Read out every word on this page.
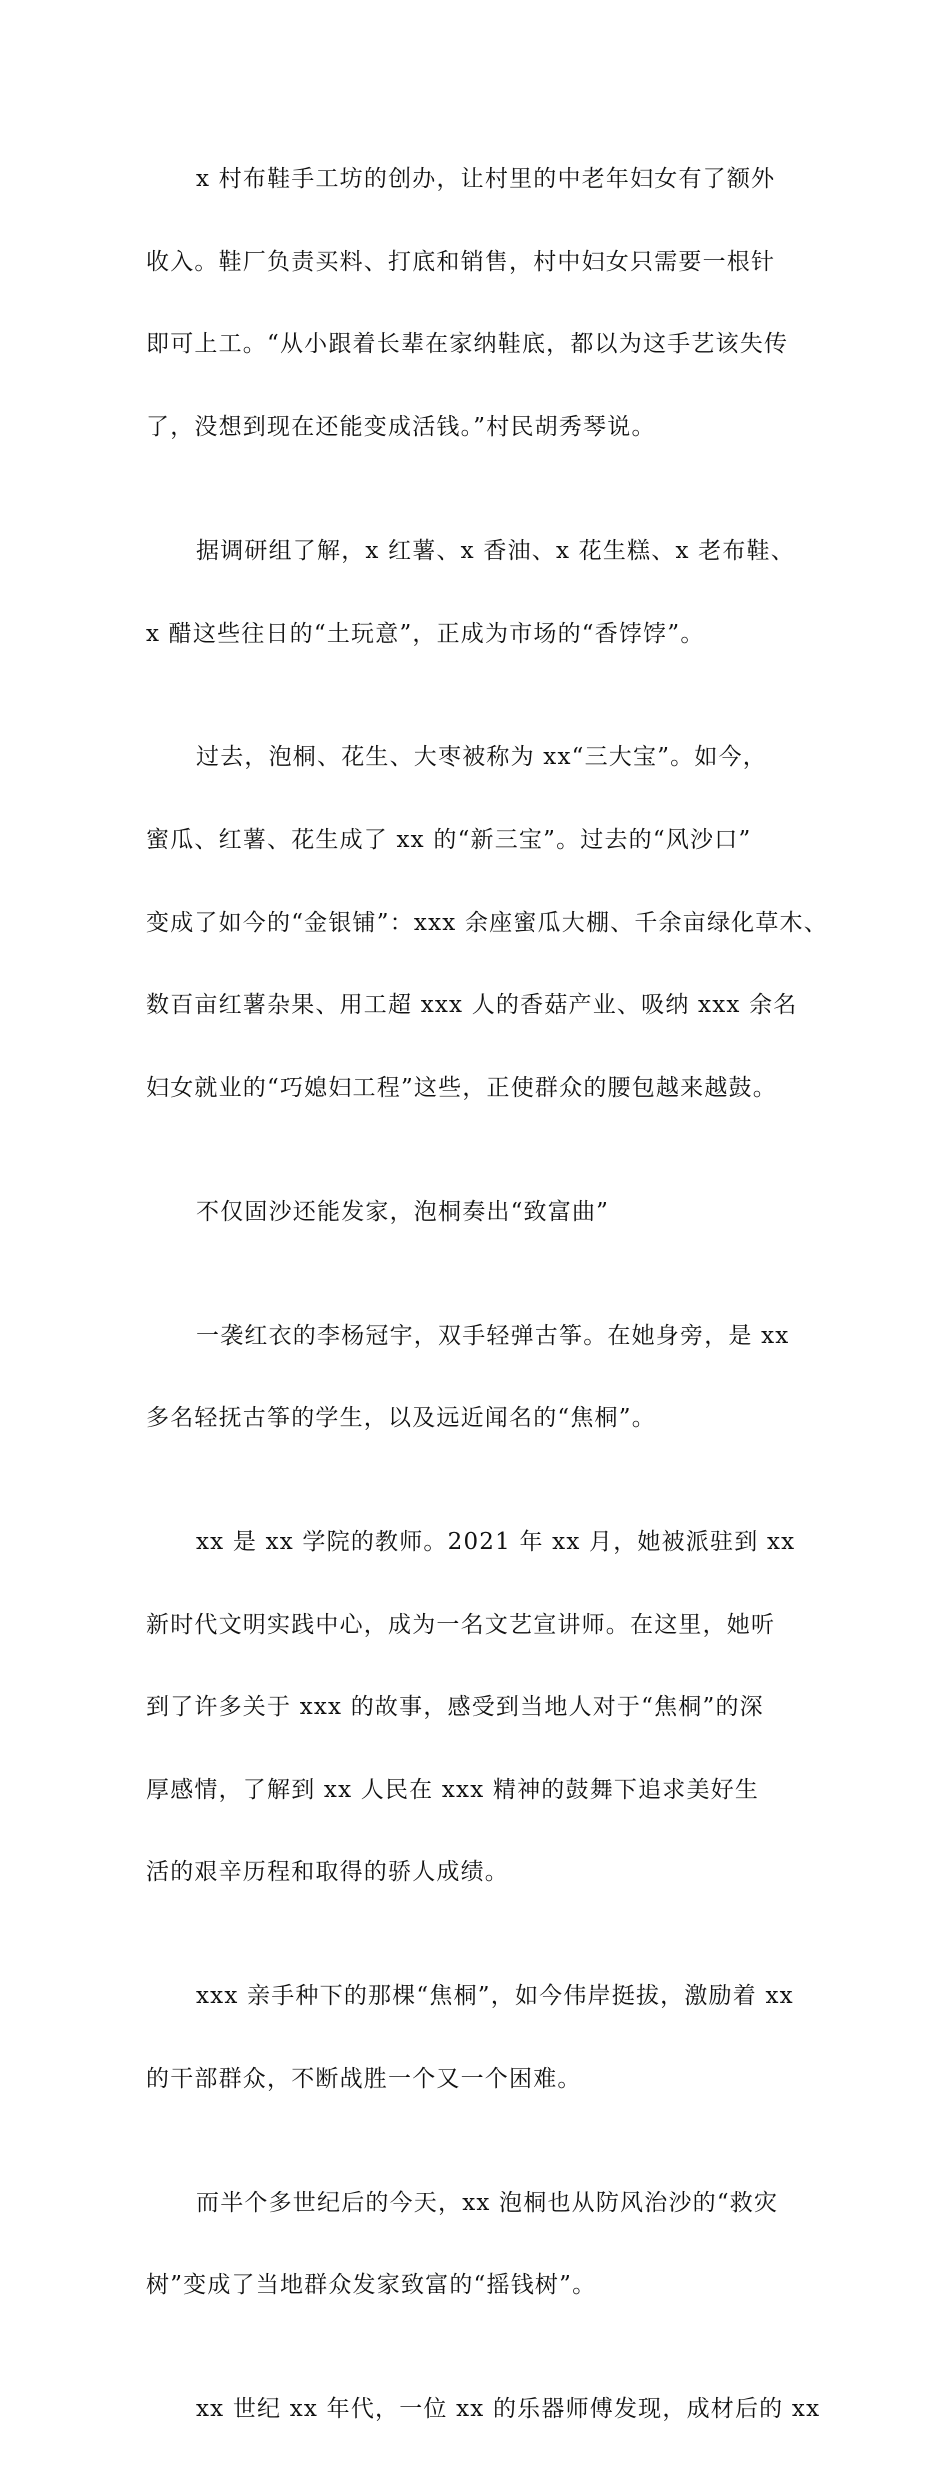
x 村布鞋手工坊的创办，让村里的中老年妇女有了额外

收入。鞋厂负责买料、打底和销售，村中妇女只需要一根针

即可上工。“从小跟着长辈在家纳鞋底，都以为这手艺该失传

了，没想到现在还能变成活钱。”村民胡秀琴说。

据调研组了解，x 红薯、x 香油、x 花生糕、x 老布鞋、

x 醋这些往日的“土玩意”，正成为市场的“香饽饽”。

过去，泡桐、花生、大枣被称为 xx“三大宝”。如今，

蜜瓜、红薯、花生成了 xx 的“新三宝”。过去的“风沙口”

变成了如今的“金银铺”：xxx 余座蜜瓜大棚、千余亩绿化草木、

数百亩红薯杂果、用工超 xxx 人的香菇产业、吸纳 xxx 余名

妇女就业的“巧媳妇工程”这些，正使群众的腰包越来越鼓。

不仅固沙还能发家，泡桐奏出“致富曲”

一袭红衣的李杨冠宇，双手轻弹古筝。在她身旁，是 xx

多名轻抚古筝的学生，以及远近闻名的“焦桐”。

xx 是 xx 学院的教师。2021 年 xx 月，她被派驻到 xx

新时代文明实践中心，成为一名文艺宣讲师。在这里，她听

到了许多关于 xxx 的故事，感受到当地人对于“焦桐”的深

厚感情，了解到 xx 人民在 xxx 精神的鼓舞下追求美好生

活的艰辛历程和取得的骄人成绩。

xxx 亲手种下的那棵“焦桐”，如今伟岸挺拔，激励着 xx

的干部群众，不断战胜一个又一个困难。

而半个多世纪后的今天，xx 泡桐也从防风治沙的“救灾

树”变成了当地群众发家致富的“摇钱树”。

xx 世纪 xx 年代，一位 xx 的乐器师傅发现，成材后的 xx
